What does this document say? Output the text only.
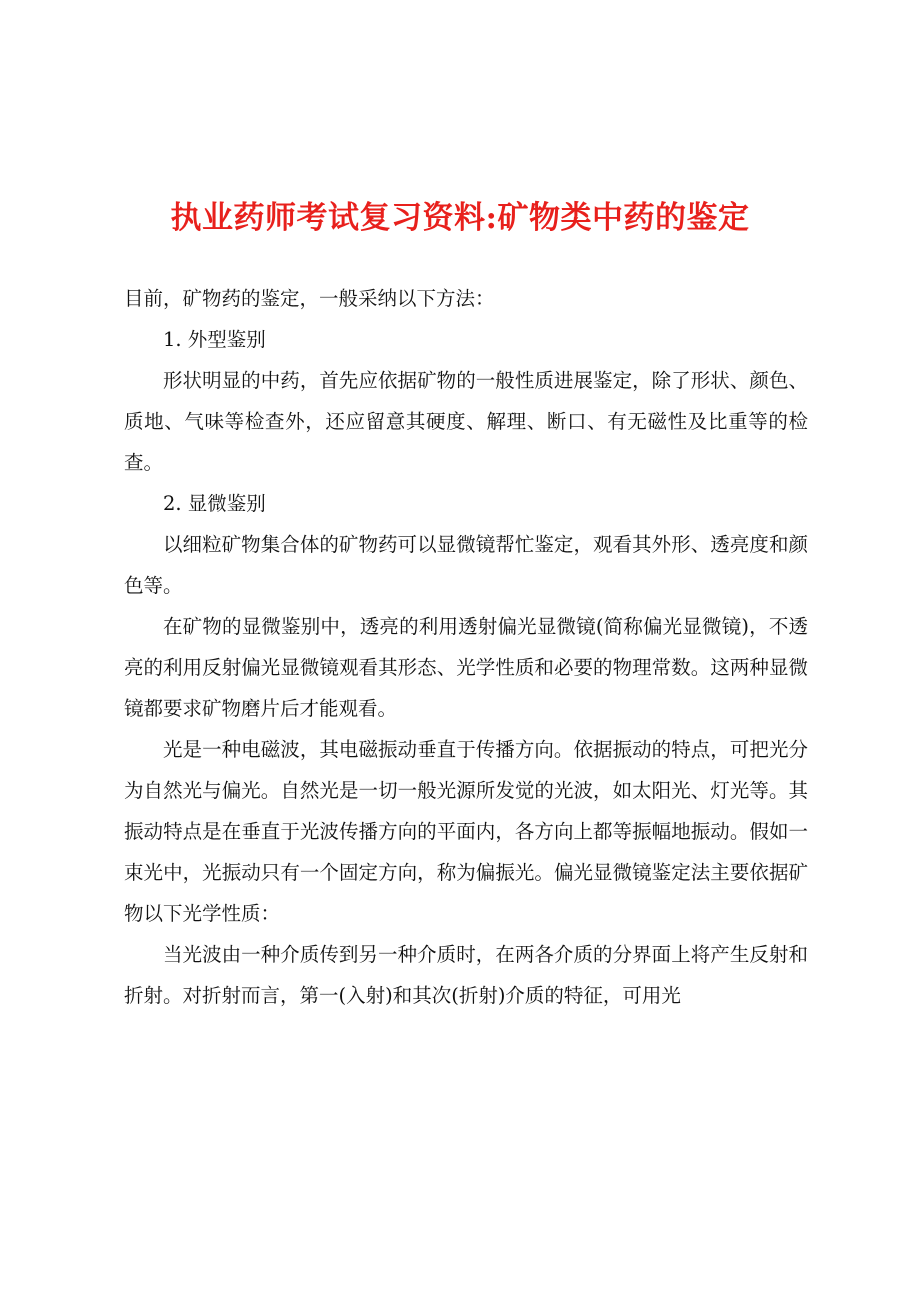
执业药师考试复习资料:矿物类中药的鉴定

目前，矿物药的鉴定，一般采纳以下方法：

1. 外型鉴别

形状明显的中药，首先应依据矿物的一般性质进展鉴定，除了形状、颜色、质地、气味等检查外，还应留意其硬度、解理、断口、有无磁性及比重等的检查。

2. 显微鉴别

以细粒矿物集合体的矿物药可以显微镜帮忙鉴定，观看其外形、透亮度和颜色等。

在矿物的显微鉴别中，透亮的利用透射偏光显微镜(简称偏光显微镜)，不透亮的利用反射偏光显微镜观看其形态、光学性质和必要的物理常数。这两种显微镜都要求矿物磨片后才能观看。

光是一种电磁波，其电磁振动垂直于传播方向。依据振动的特点，可把光分为自然光与偏光。自然光是一切一般光源所发觉的光波，如太阳光、灯光等。其振动特点是在垂直于光波传播方向的平面内，各方向上都等振幅地振动。假如一束光中，光振动只有一个固定方向，称为偏振光。偏光显微镜鉴定法主要依据矿物以下光学性质：

当光波由一种介质传到另一种介质时，在两各介质的分界面上将产生反射和折射。对折射而言，第一(入射)和其次(折射)介质的特征，可用光
